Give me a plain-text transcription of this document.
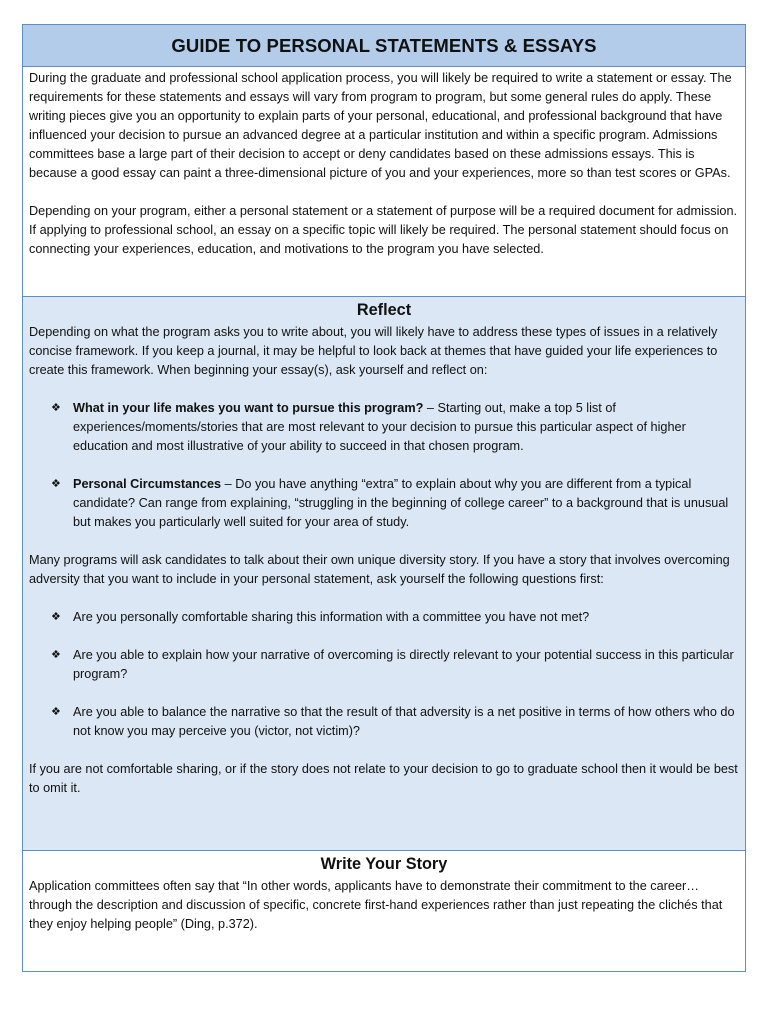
GUIDE TO PERSONAL STATEMENTS & ESSAYS

During the graduate and professional school application process, you will likely be required to write a statement or essay. The requirements for these statements and essays will vary from program to program, but some general rules do apply. These writing pieces give you an opportunity to explain parts of your personal, educational, and professional background that have influenced your decision to pursue an advanced degree at a particular institution and within a specific program. Admissions committees base a large part of their decision to accept or deny candidates based on these admissions essays. This is because a good essay can paint a three-dimensional picture of you and your experiences, more so than test scores or GPAs.

Depending on your program, either a personal statement or a statement of purpose will be a required document for admission. If applying to professional school, an essay on a specific topic will likely be required. The personal statement should focus on connecting your experiences, education, and motivations to the program you have selected.

Reflect

Depending on what the program asks you to write about, you will likely have to address these types of issues in a relatively concise framework. If you keep a journal, it may be helpful to look back at themes that have guided your life experiences to create this framework. When beginning your essay(s), ask yourself and reflect on:

❖ What in your life makes you want to pursue this program? – Starting out, make a top 5 list of experiences/moments/stories that are most relevant to your decision to pursue this particular aspect of higher education and most illustrative of your ability to succeed in that chosen program.
❖ Personal Circumstances – Do you have anything “extra” to explain about why you are different from a typical candidate? Can range from explaining, “struggling in the beginning of college career” to a background that is unusual but makes you particularly well suited for your area of study.

Many programs will ask candidates to talk about their own unique diversity story. If you have a story that involves overcoming adversity that you want to include in your personal statement, ask yourself the following questions first:

❖ Are you personally comfortable sharing this information with a committee you have not met?
❖ Are you able to explain how your narrative of overcoming is directly relevant to your potential success in this particular program?
❖ Are you able to balance the narrative so that the result of that adversity is a net positive in terms of how others who do not know you may perceive you (victor, not victim)?

If you are not comfortable sharing, or if the story does not relate to your decision to go to graduate school then it would be best to omit it.

Write Your Story

Application committees often say that “In other words, applicants have to demonstrate their commitment to the career… through the description and discussion of specific, concrete first-hand experiences rather than just repeating the clichés that they enjoy helping people” (Ding, p.372).
